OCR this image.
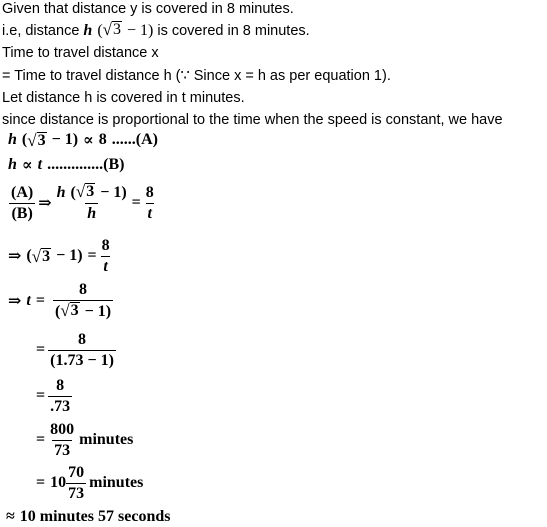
Given that distance y is covered in 8 minutes.
i.e, distance h ( √ 3 − 1) is covered in 8 minutes.
Time to travel distance x
= Time to travel distance h (∵ Since x = h as per equation 1).
Let distance h is covered in t minutes.
since distance is proportional to the time when the speed is constant, we have
h ( √ 3 − 1 ) ∝ 8 ...... (A)
h ∝ t .............. (B)
$\frac{(A)}{(B)}$ ⇒ $\frac{h ( √ 3 - 1)}{h} = \frac{8}{t}$
⇒ ( √ 3 − 1 ) = $\frac{8}{t}$
⇒ $t = \frac{8}{( √ 3 - 1)}$
= $\frac{8}{(1.73 - 1)}$
= $\frac{8}{.73}$
= $\frac{800}{73}$ minutes
= $10 \frac{70}{73}$ minutes
≈ 10 minutes 57 seconds
